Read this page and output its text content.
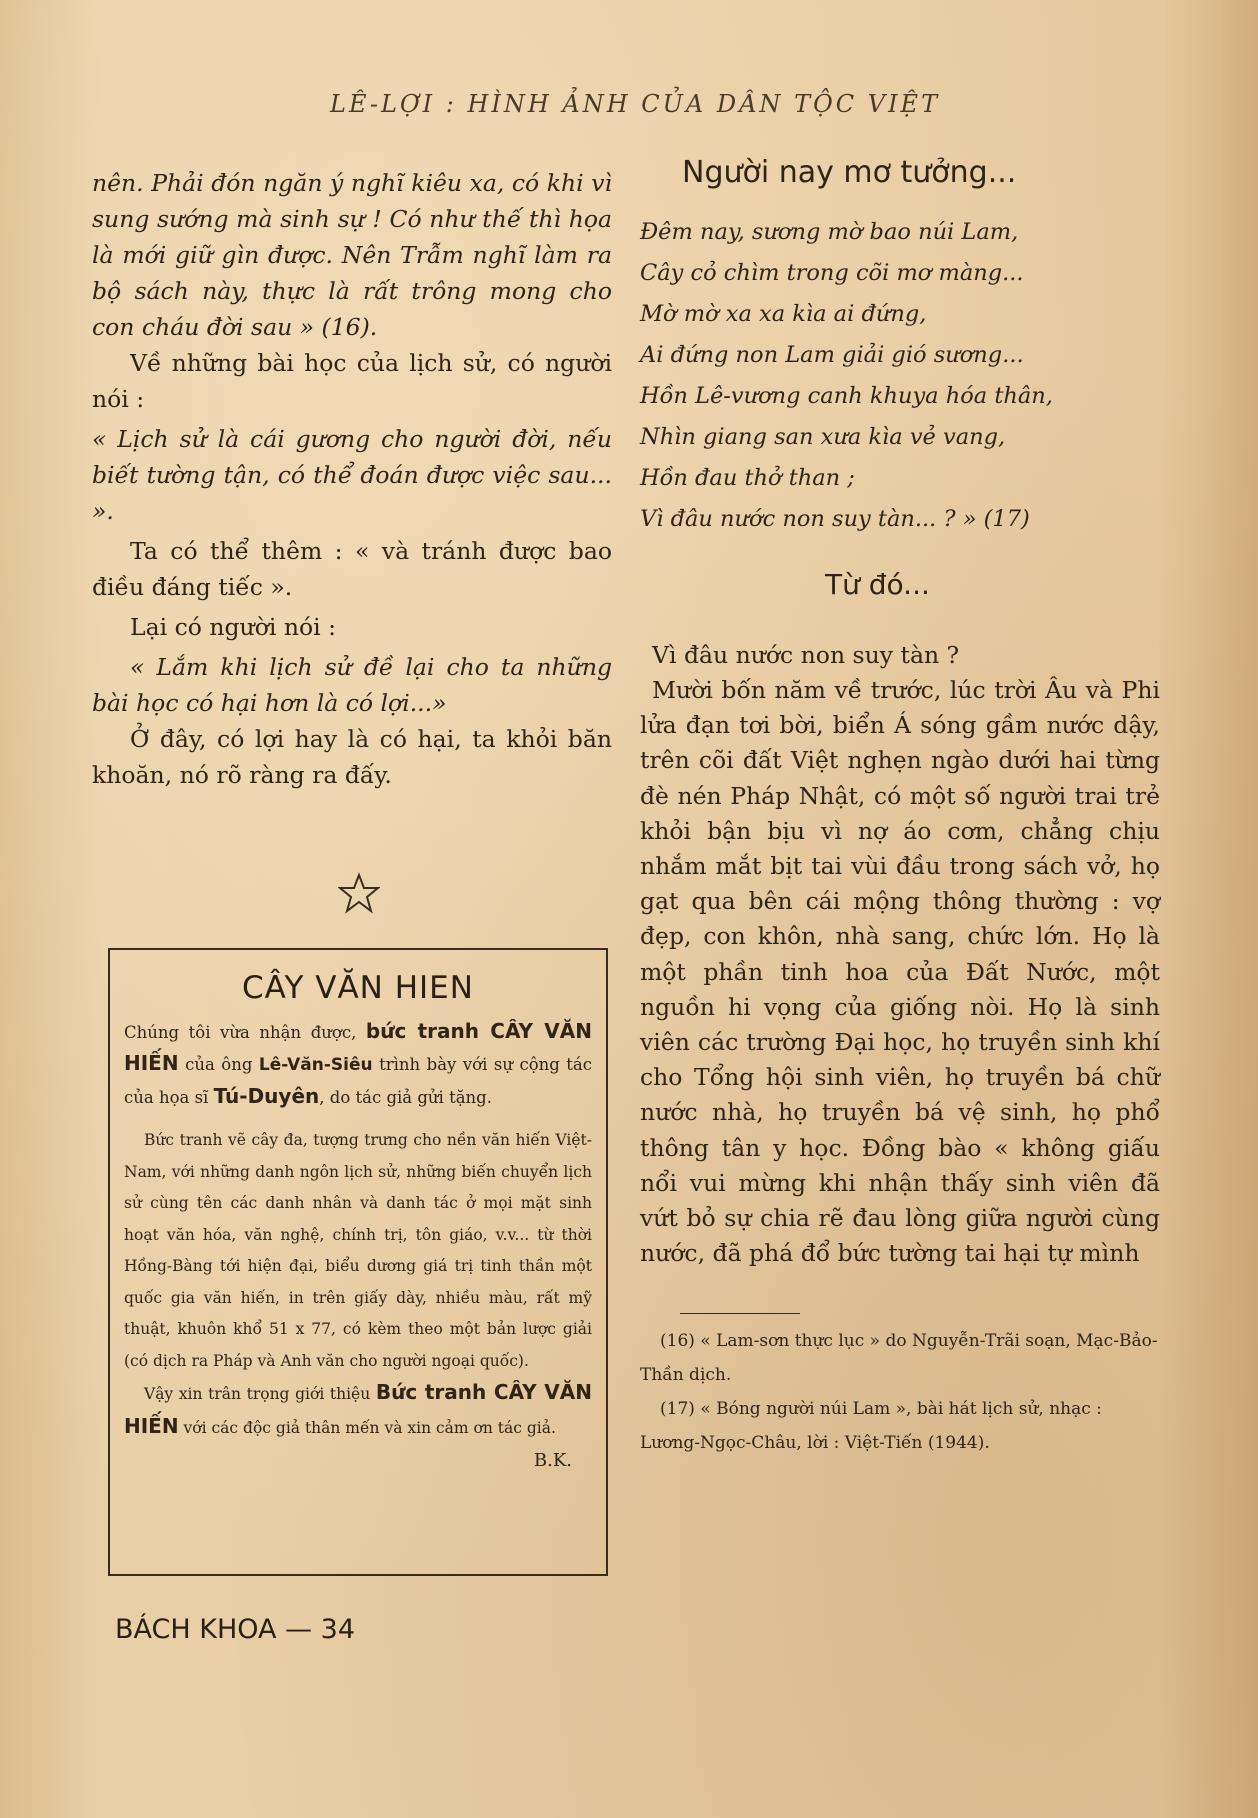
LÊ-LỢI : HÌNH ẢNH CỦA DÂN TỘC VIỆT

nên. Phải đón ngăn ý nghĩ kiêu xa, có khi vì sung sướng mà sinh sự ! Có như thế thì họa là mới giữ gìn được. Nên Trẫm nghĩ làm ra bộ sách này, thực là rất trông mong cho con cháu đời sau » (16).

Về những bài học của lịch sử, có người nói :

« Lịch sử là cái gương cho người đời, nếu biết tường tận, có thể đoán được việc sau... ».

Ta có thể thêm : « và tránh được bao điều đáng tiếc ».

Lại có người nói :

« Lắm khi lịch sử đề lại cho ta những bài học có hại hơn là có lợi...»

Ở đây, có lợi hay là có hại, ta khỏi băn khoăn, nó rõ ràng ra đấy.

CÂY VĂN HIEN

Chúng tôi vừa nhận được, bức tranh CÂY VĂN HIẾN của ông Lê-Văn-Siêu trình bày với sự cộng tác của họa sĩ Tú-Duyên, do tác giả gửi tặng.

Bức tranh vẽ cây đa, tượng trưng cho nền văn hiến Việt-Nam, với những danh ngôn lịch sử, những biến chuyển lịch sử cùng tên các danh nhân và danh tác ở mọi mặt sinh hoạt văn hóa, văn nghệ, chính trị, tôn giáo, v.v... từ thời Hồng-Bàng tới hiện đại, biểu dương giá trị tinh thần một quốc gia văn hiến, in trên giấy dày, nhiều màu, rất mỹ thuật, khuôn khổ 51 x 77, có kèm theo một bản lược giải (có dịch ra Pháp và Anh văn cho người ngoại quốc).

Vậy xin trân trọng giới thiệu Bức tranh CÂY VĂN HIẾN với các độc giả thân mến và xin cảm ơn tác giả.

B.K.
BÁCH KHOA — 34
Người nay mơ tưởng...

Đêm nay, sương mờ bao núi Lam,

Cây cỏ chìm trong cõi mơ màng...

Mờ mờ xa xa kìa ai đứng,

Ai đứng non Lam giải gió sương...

Hồn Lê-vương canh khuya hóa thân,

Nhìn giang san xưa kìa vẻ vang,

Hồn đau thở than ;

Vì đâu nước non suy tàn... ? » (17)

Từ đó...

Vì đâu nước non suy tàn ?

Mười bốn năm về trước, lúc trời Âu và Phi lửa đạn tơi bời, biển Á sóng gầm nước dậy, trên cõi đất Việt nghẹn ngào dưới hai từng đè nén Pháp Nhật, có một số người trai trẻ khỏi bận bịu vì nợ áo cơm, chẳng chịu nhắm mắt bịt tai vùi đầu trong sách vở, họ gạt qua bên cái mộng thông thường : vợ đẹp, con khôn, nhà sang, chức lớn. Họ là một phần tinh hoa của Đất Nước, một nguồn hi vọng của giống nòi. Họ là sinh viên các trường Đại học, họ truyền sinh khí cho Tổng hội sinh viên, họ truyền bá chữ nước nhà, họ truyền bá vệ sinh, họ phổ thông tân y học. Đồng bào « không giấu nổi vui mừng khi nhận thấy sinh viên đã vứt bỏ sự chia rẽ đau lòng giữa người cùng nước, đã phá đổ bức tường tai hại tự mình

(16) « Lam-sơn thực lục » do Nguyễn-Trãi soạn, Mạc-Bảo-Thần dịch.

(17) « Bóng người núi Lam », bài hát lịch sử, nhạc : Lương-Ngọc-Châu, lời : Việt-Tiến (1944).
